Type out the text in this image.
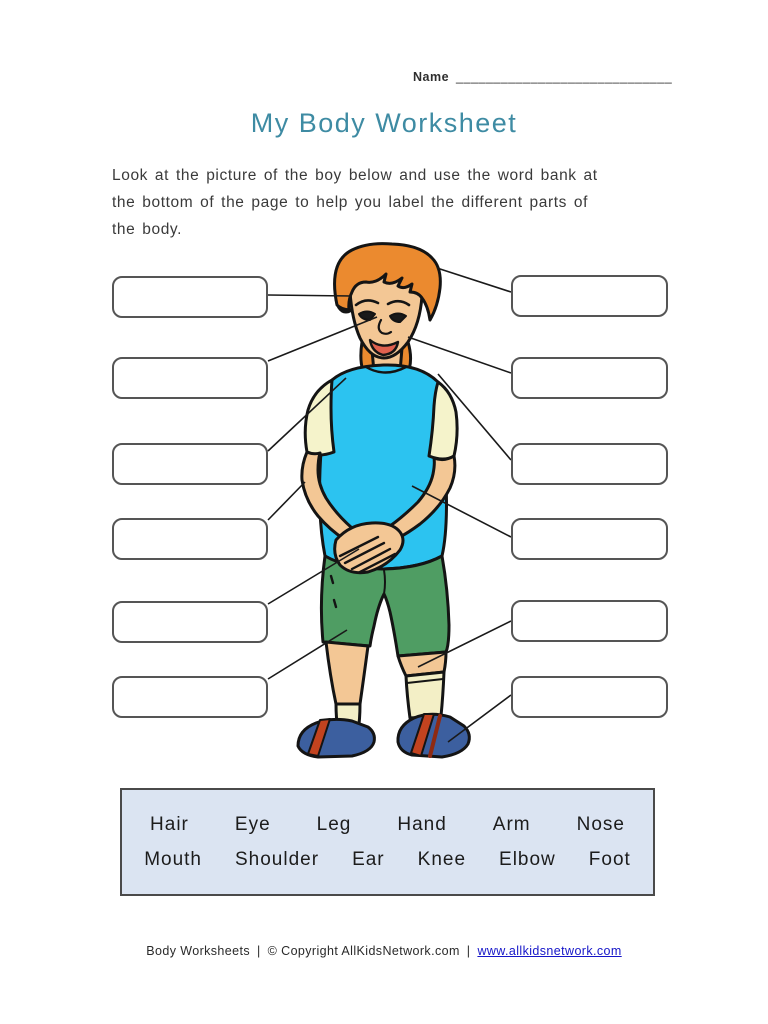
Name _____________________________
My Body Worksheet
Look at the picture of the boy below and use the word bank at
the bottom of the page to help you label the different parts of
the body.
Hair Eye Leg Hand Arm Nose
Mouth Shoulder Ear Knee Elbow Foot
Body Worksheets | © Copyright AllKidsNetwork.com | www.allkidsnetwork.com
